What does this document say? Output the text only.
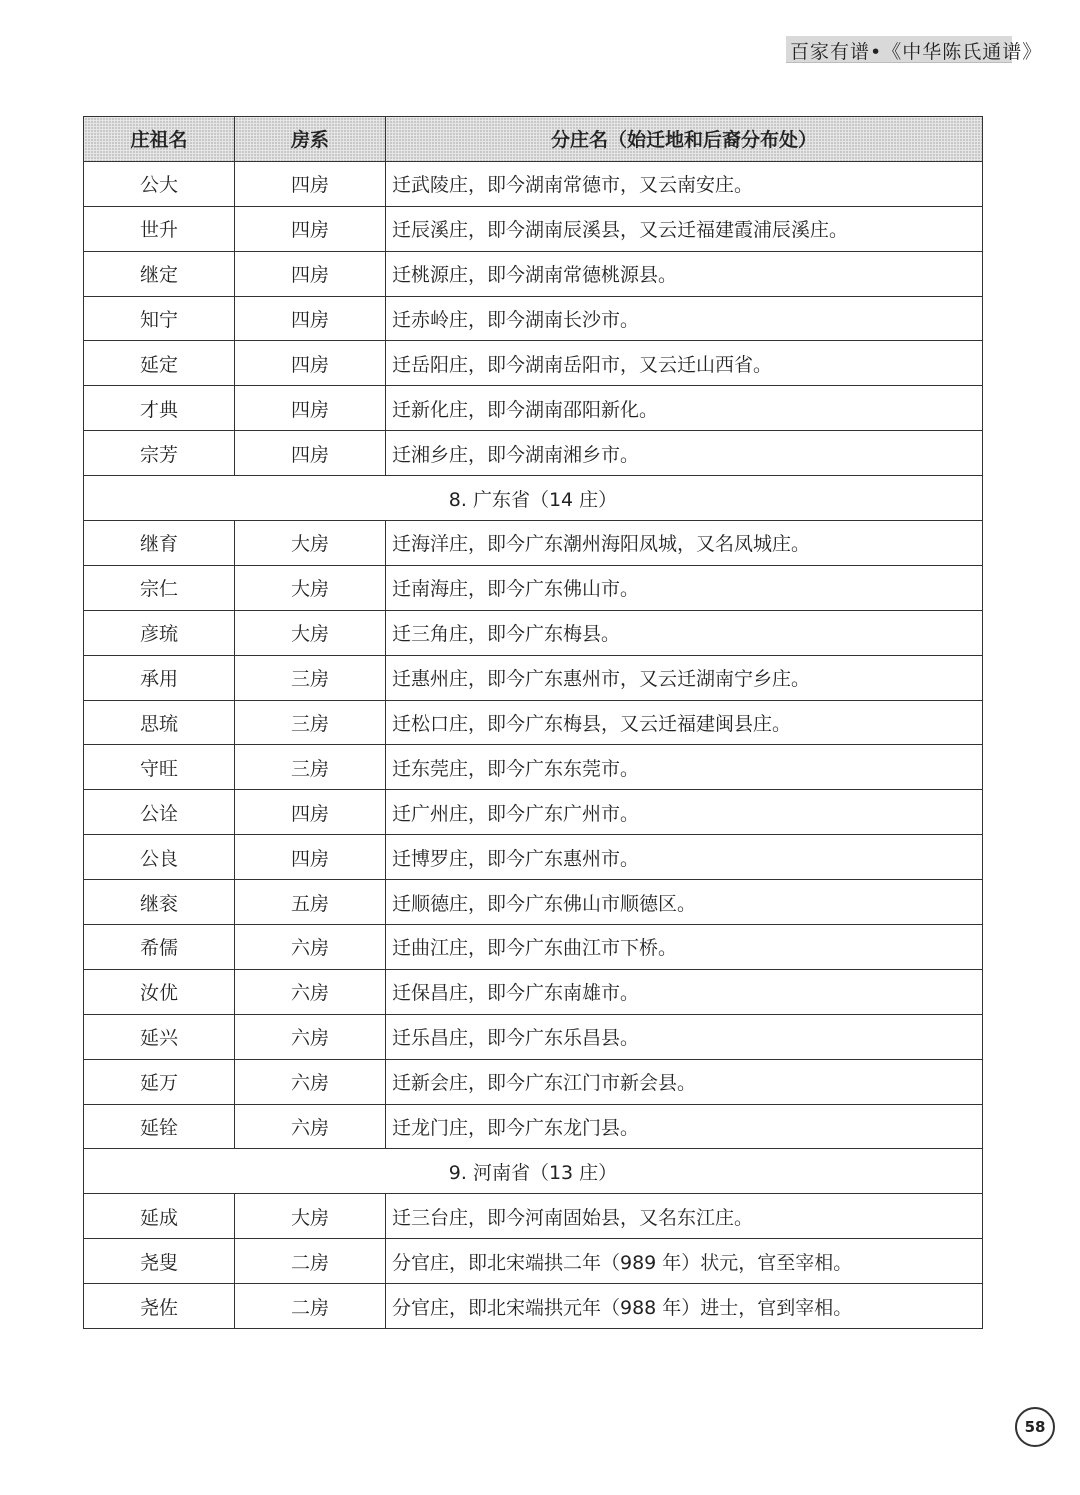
百家有谱•《中华陈氏通谱》
庄祖名	房系	分庄名（始迁地和后裔分布处）
公大	四房	迁武陵庄，即今湖南常德市，又云南安庄。
世升	四房	迁辰溪庄，即今湖南辰溪县，又云迁福建霞浦辰溪庄。
继定	四房	迁桃源庄，即今湖南常德桃源县。
知宁	四房	迁赤岭庄，即今湖南长沙市。
延定	四房	迁岳阳庄，即今湖南岳阳市，又云迁山西省。
才典	四房	迁新化庄，即今湖南邵阳新化。
宗芳	四房	迁湘乡庄，即今湖南湘乡市。
8. 广东省（14 庄）		
继育	大房	迁海洋庄，即今广东潮州海阳凤城，又名凤城庄。
宗仁	大房	迁南海庄，即今广东佛山市。
彦琉	大房	迁三角庄，即今广东梅县。
承用	三房	迁惠州庄，即今广东惠州市，又云迁湖南宁乡庄。
思琉	三房	迁松口庄，即今广东梅县，又云迁福建闽县庄。
守旺	三房	迁东莞庄，即今广东东莞市。
公诠	四房	迁广州庄，即今广东广州市。
公良	四房	迁博罗庄，即今广东惠州市。
继衮	五房	迁顺德庄，即今广东佛山市顺德区。
希儒	六房	迁曲江庄，即今广东曲江市下桥。
汝优	六房	迁保昌庄，即今广东南雄市。
延兴	六房	迁乐昌庄，即今广东乐昌县。
延万	六房	迁新会庄，即今广东江门市新会县。
延铨	六房	迁龙门庄，即今广东龙门县。
9. 河南省（13 庄）		
延成	大房	迁三台庄，即今河南固始县，又名东江庄。
尧叟	二房	分官庄，即北宋端拱二年（989 年）状元，官至宰相。
尧佐	二房	分官庄，即北宋端拱元年（988 年）进士，官到宰相。
58
